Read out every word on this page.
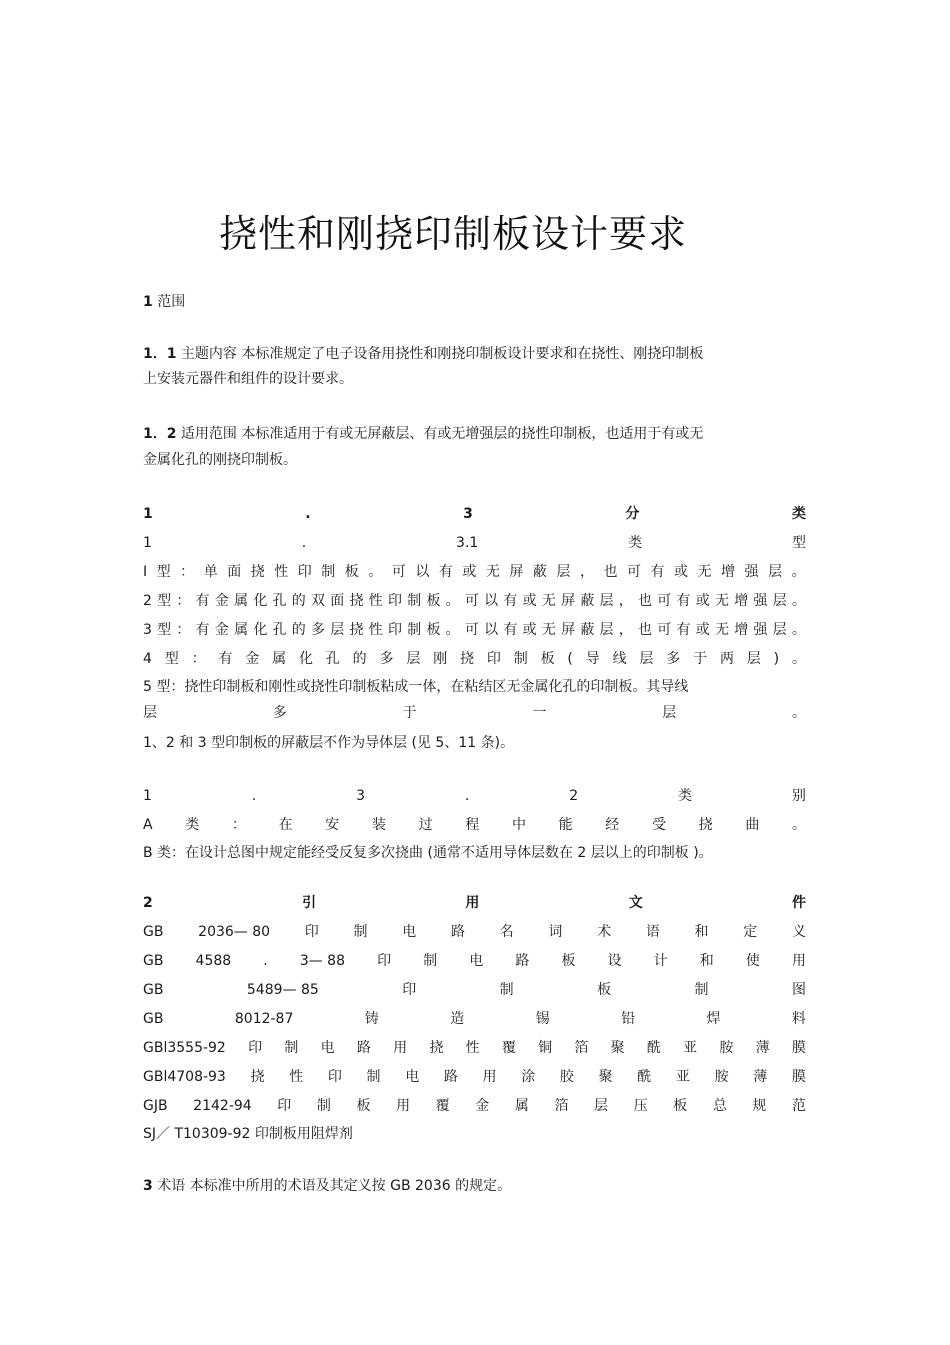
挠性和刚挠印制板设计要求
1 范围
1．1 主题内容 本标准规定了电子设备用挠性和刚挠印制板设计要求和在挠性、刚挠印制板
上安装元器件和组件的设计要求。
1．2 适用范围 本标准适用于有或无屏蔽层、有或无增强层的挠性印制板，也适用于有或无
金属化孔的刚挠印制板。
1	.	3	分	类
1	.	3.1	类	型
I 型 ： 单 面 挠 性 印 制 板 。 可 以 有 或 无 屏 蔽 层 ， 也 可 有 或 无 增 强 层 。
2 型 ： 有 金 属 化 孔 的 双 面 挠 性 印 制 板 。 可 以 有 或 无 屏 蔽 层 ， 也 可 有 或 无 增 强 层 。
3 型 ： 有 金 属 化 孔 的 多 层 挠 性 印 制 板 。 可 以 有 或 无 屏 蔽 层 ， 也 可 有 或 无 增 强 层 。
4 型 ： 有 金 属 化 孔 的 多 层 刚 挠 印 制 板 ( 导 线 层 多 于 两 层 ) 。
5 型：挠性印制板和刚性或挠性印制板粘成一体，在粘结区无金属化孔的印制板。其导线
层	多	于	一	层	。
1、2 和 3 型印制板的屏蔽层不作为导体层 (见 5、11 条)。
1	.	3	.	2	类	别
A 类 ： 在 安 装 过 程 中 能 经 受 挠 曲 。
B 类：在设计总图中规定能经受反复多次挠曲 (通常不适用导体层数在 2 层以上的印制板 )。
2	引	用	文	件
GB 2036— 80 印 制 电 路 名 词 术 语 和 定 义
GB 4588 . 3— 88 印 制 电 路 板 设 计 和 使 用
GB	5489— 85	印	制	板	制	图
GB	8012-87	铸	造	锡	铅	焊	料
GBl3555-92 印 制 电 路 用 挠 性 覆 铜 箔 聚 酰 亚 胺 薄 膜
GBl4708-93 挠 性 印 制 电 路 用 涂 胶 聚 酰 亚 胺 薄 膜
GJB 2142-94 印 制 板 用 覆 金 属 箔 层 压 板 总 规 范
SJ／ T10309-92 印制板用阻焊剂
3 术语 本标准中所用的术语及其定义按 GB 2036 的规定。
